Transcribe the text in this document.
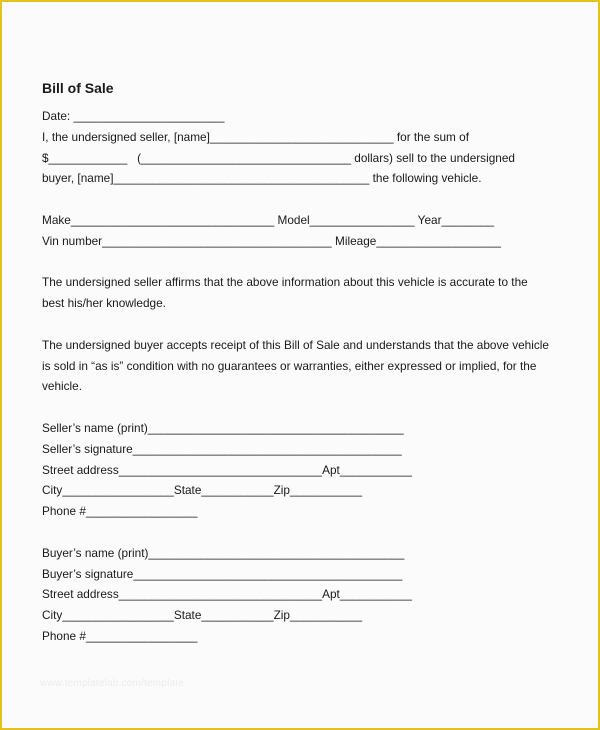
Bill of Sale
Date: _______________________
I, the undersigned seller, [name]____________________________ for the sum of
$____________   (________________________________ dollars) sell to the undersigned
buyer, [name]_______________________________________ the following vehicle.
Make_______________________________ Model________________ Year________
Vin number___________________________________ Mileage___________________
The undersigned seller affirms that the above information about this vehicle is accurate to the
best his/her knowledge.
The undersigned buyer accepts receipt of this Bill of Sale and understands that the above vehicle
is sold in “as is” condition with no guarantees or warranties, either expressed or implied, for the
vehicle.
Seller’s name (print)_______________________________________
Seller’s signature_________________________________________
Street address_______________________________Apt___________
City_________________State___________Zip___________
Phone #_________________
Buyer’s name (print)_______________________________________
Buyer’s signature_________________________________________
Street address_______________________________Apt___________
City_________________State___________Zip___________
Phone #_________________
www.templatelab.com/template
